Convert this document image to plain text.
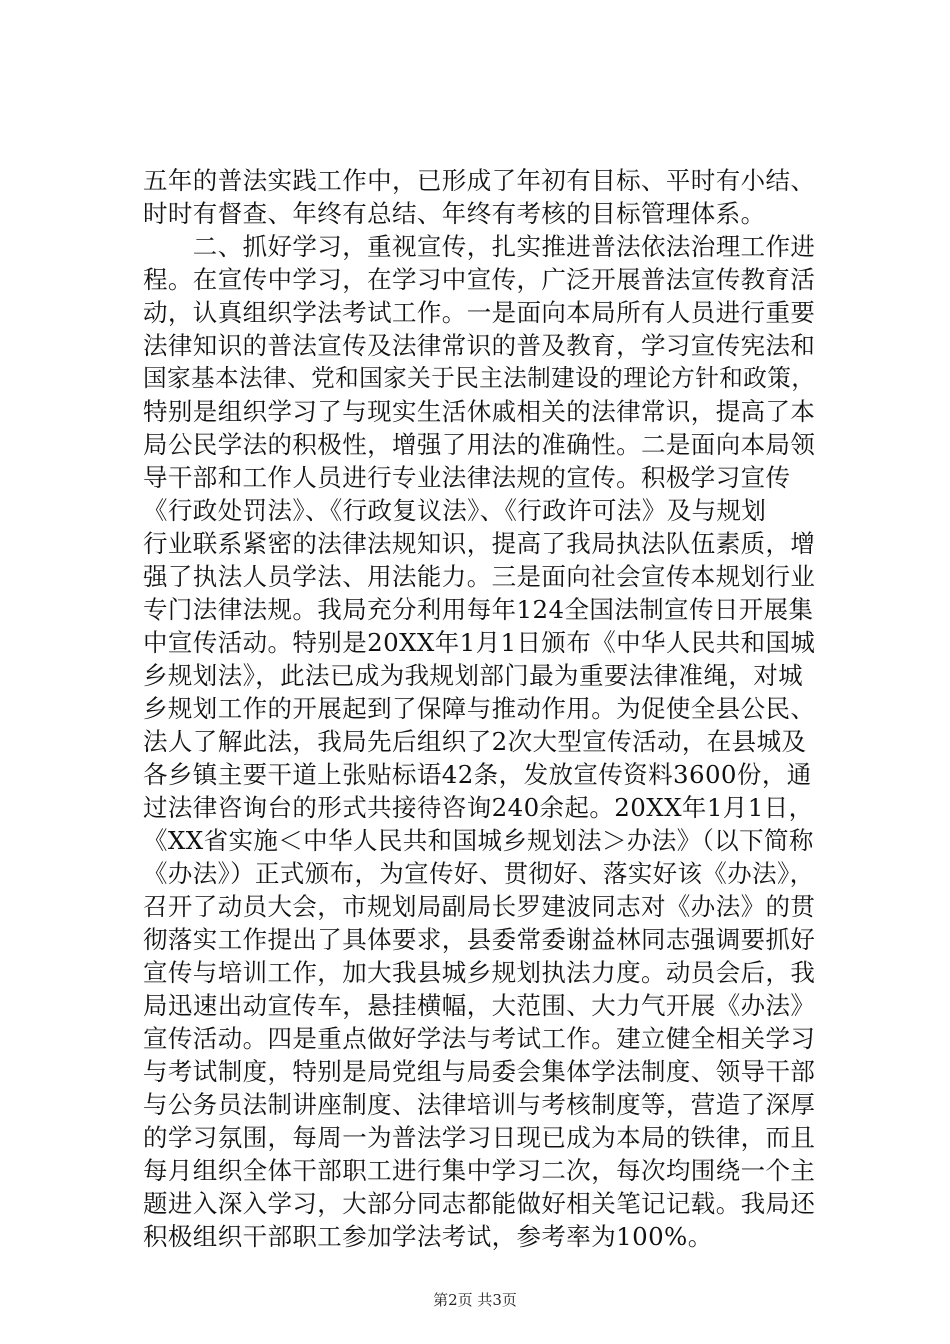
五年的普法实践工作中，已形成了年初有目标、平时有小结、
时时有督查、年终有总结、年终有考核的目标管理体系。
　　二、抓好学习，重视宣传，扎实推进普法依法治理工作进
程。在宣传中学习，在学习中宣传，广泛开展普法宣传教育活
动，认真组织学法考试工作。一是面向本局所有人员进行重要
法律知识的普法宣传及法律常识的普及教育，学习宣传宪法和
国家基本法律、党和国家关于民主法制建设的理论方针和政策，
特别是组织学习了与现实生活休戚相关的法律常识，提高了本
局公民学法的积极性，增强了用法的准确性。二是面向本局领
导干部和工作人员进行专业法律法规的宣传。积极学习宣传
《行政处罚法》、《行政复议法》、《行政许可法》及与规划
行业联系紧密的法律法规知识，提高了我局执法队伍素质，增
强了执法人员学法、用法能力。三是面向社会宣传本规划行业
专门法律法规。我局充分利用每年124全国法制宣传日开展集
中宣传活动。特别是20XX年1月1日颁布《中华人民共和国城
乡规划法》，此法已成为我规划部门最为重要法律准绳，对城
乡规划工作的开展起到了保障与推动作用。为促使全县公民、
法人了解此法，我局先后组织了2次大型宣传活动，在县城及
各乡镇主要干道上张贴标语42条，发放宣传资料3600份，通
过法律咨询台的形式共接待咨询240余起。20XX年1月1日，
《XX省实施＜中华人民共和国城乡规划法＞办法》（以下简称
《办法》）正式颁布，为宣传好、贯彻好、落实好该《办法》，
召开了动员大会，市规划局副局长罗建波同志对《办法》的贯
彻落实工作提出了具体要求，县委常委谢益林同志强调要抓好
宣传与培训工作，加大我县城乡规划执法力度。动员会后，我
局迅速出动宣传车，悬挂横幅，大范围、大力气开展《办法》
宣传活动。四是重点做好学法与考试工作。建立健全相关学习
与考试制度，特别是局党组与局委会集体学法制度、领导干部
与公务员法制讲座制度、法律培训与考核制度等，营造了深厚
的学习氛围，每周一为普法学习日现已成为本局的铁律，而且
每月组织全体干部职工进行集中学习二次，每次均围绕一个主
题进入深入学习，大部分同志都能做好相关笔记记载。我局还
积极组织干部职工参加学法考试，参考率为100%。
第2页 共3页
